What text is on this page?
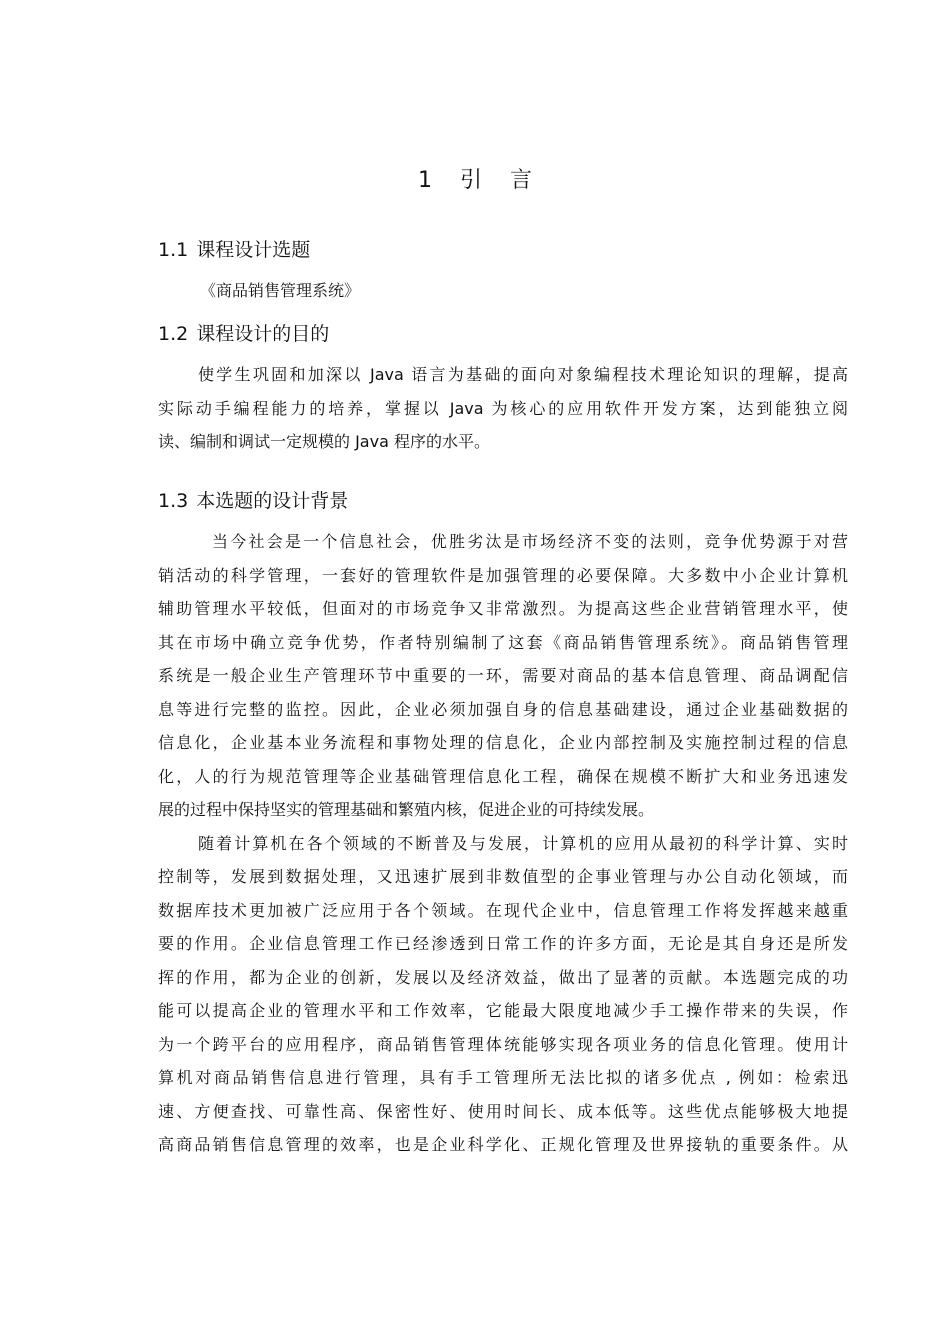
1 引 言
1.1 课程设计选题
《商品销售管理系统》
1.2 课程设计的目的
使学生巩固和加深以 Java 语言为基础的面向对象编程技术理论知识的理解，提高
实际动手编程能力的培养，掌握以 Java 为核心的应用软件开发方案，达到能独立阅
读、编制和调试一定规模的 Java 程序的水平。
1.3 本选题的设计背景
当今社会是一个信息社会，优胜劣汰是市场经济不变的法则，竞争优势源于对营
销活动的科学管理，一套好的管理软件是加强管理的必要保障。大多数中小企业计算机
辅助管理水平较低，但面对的市场竞争又非常激烈。为提高这些企业营销管理水平，使
其在市场中确立竞争优势，作者特别编制了这套《商品销售管理系统》。商品销售管理
系统是一般企业生产管理环节中重要的一环，需要对商品的基本信息管理、商品调配信
息等进行完整的监控。因此，企业必须加强自身的信息基础建设，通过企业基础数据的
信息化，企业基本业务流程和事物处理的信息化，企业内部控制及实施控制过程的信息
化，人的行为规范管理等企业基础管理信息化工程，确保在规模不断扩大和业务迅速发
展的过程中保持坚实的管理基础和繁殖内核，促进企业的可持续发展。
随着计算机在各个领域的不断普及与发展，计算机的应用从最初的科学计算、实时
控制等，发展到数据处理，又迅速扩展到非数值型的企事业管理与办公自动化领域，而
数据库技术更加被广泛应用于各个领域。在现代企业中，信息管理工作将发挥越来越重
要的作用。企业信息管理工作已经渗透到日常工作的许多方面，无论是其自身还是所发
挥的作用，都为企业的创新，发展以及经济效益，做出了显著的贡献。本选题完成的功
能可以提高企业的管理水平和工作效率，它能最大限度地减少手工操作带来的失误，作
为一个跨平台的应用程序，商品销售管理体统能够实现各项业务的信息化管理。使用计
算机对商品销售信息进行管理，具有手工管理所无法比拟的诸多优点 , 例如：检索迅
速、方便查找、可靠性高、保密性好、使用时间长、成本低等。这些优点能够极大地提
高商品销售信息管理的效率，也是企业科学化、正规化管理及世界接轨的重要条件。从
